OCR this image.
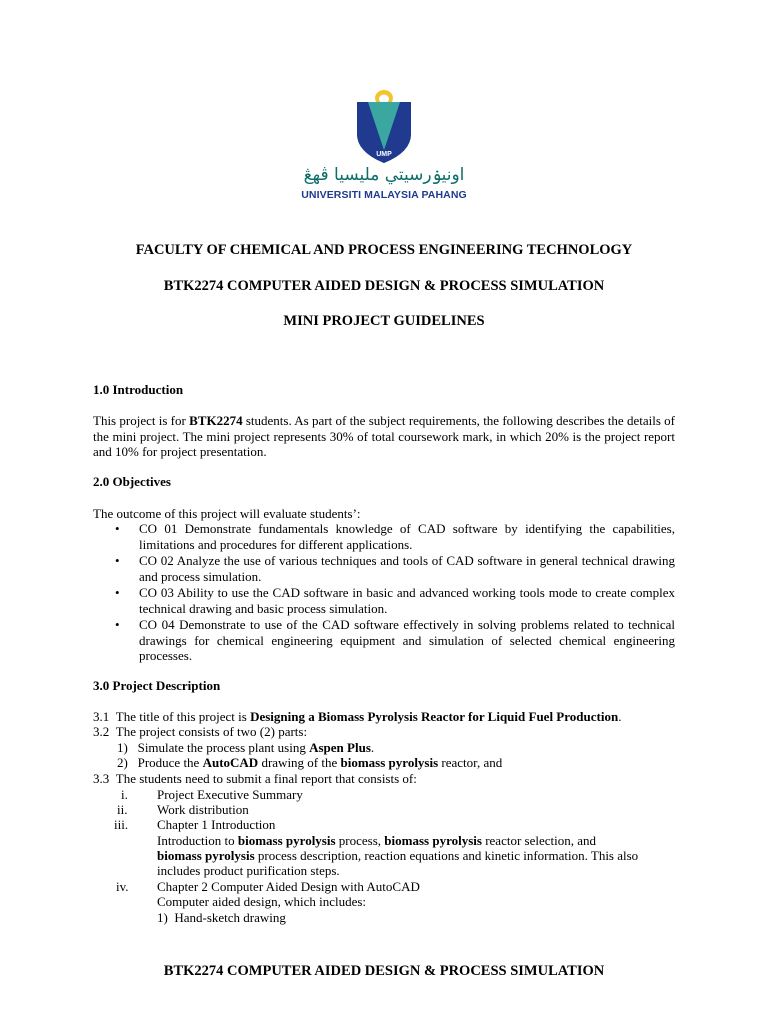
UMP
اونيۏرسيتي مليسيا ڤهڠ
UNIVERSITI MALAYSIA PAHANG
FACULTY OF CHEMICAL AND PROCESS ENGINEERING TECHNOLOGY
BTK2274 COMPUTER AIDED DESIGN & PROCESS SIMULATION
MINI PROJECT GUIDELINES
1.0 Introduction
This project is for BTK2274 students. As part of the subject requirements, the following describes the details of the mini project. The mini project represents 30% of total coursework mark, in which 20% is the project report and 10% for project presentation.
2.0 Objectives
The outcome of this project will evaluate students’:
• CO 01 Demonstrate fundamentals knowledge of CAD software by identifying the capabilities, limitations and procedures for different applications.
• CO 02 Analyze the use of various techniques and tools of CAD software in general technical drawing and process simulation.
• CO 03 Ability to use the CAD software in basic and advanced working tools mode to create complex technical drawing and basic process simulation.
• CO 04 Demonstrate to use of the CAD software effectively in solving problems related to technical drawings for chemical engineering equipment and simulation of selected chemical engineering processes.
3.0 Project Description
3.1 The title of this project is Designing a Biomass Pyrolysis Reactor for Liquid Fuel Production.
3.2 The project consists of two (2) parts:
1) Simulate the process plant using Aspen Plus.
2) Produce the AutoCAD drawing of the biomass pyrolysis reactor, and
3.3 The students need to submit a final report that consists of:
i. Project Executive Summary
ii. Work distribution
iii. Chapter 1 Introduction
Introduction to biomass pyrolysis process, biomass pyrolysis reactor selection, and
biomass pyrolysis process description, reaction equations and kinetic information. This also
includes product purification steps.
iv. Chapter 2 Computer Aided Design with AutoCAD
Computer aided design, which includes:
1) Hand-sketch drawing
BTK2274 COMPUTER AIDED DESIGN & PROCESS SIMULATION
